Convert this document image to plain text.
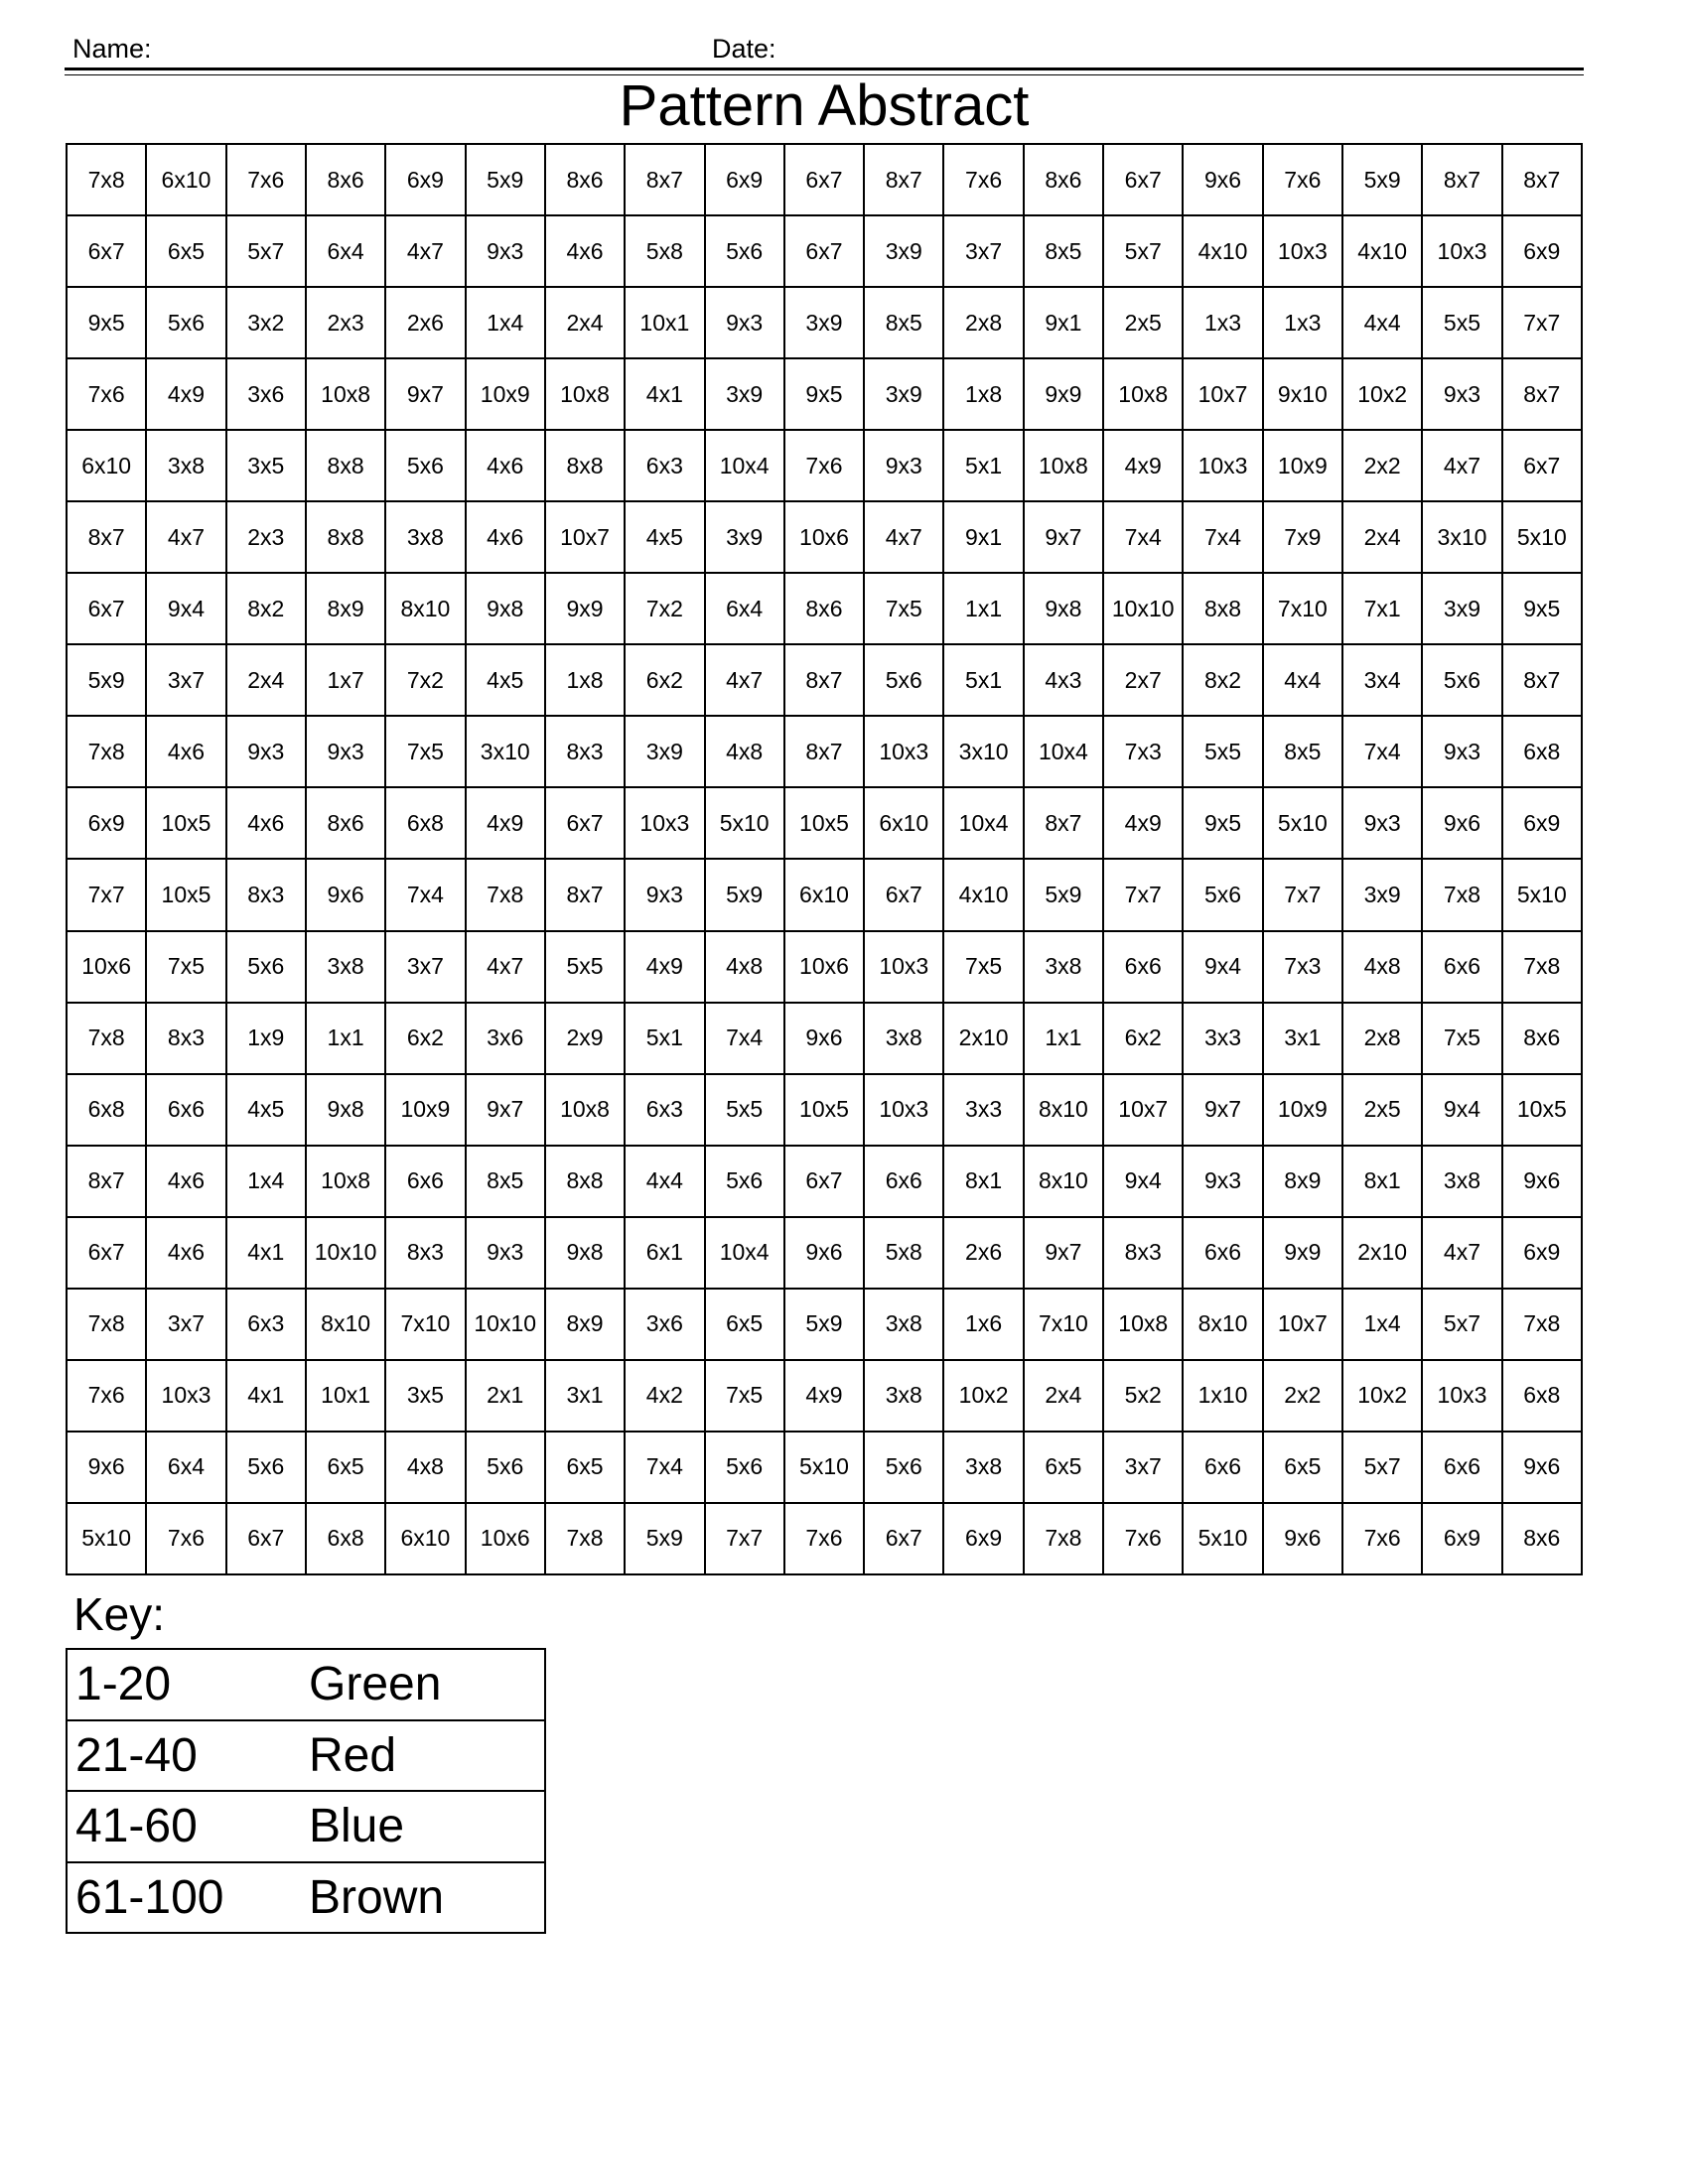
Name:	Date:
Pattern Abstract
7x8	6x10	7x6	8x6	6x9	5x9	8x6	8x7	6x9	6x7	8x7	7x6	8x6	6x7	9x6	7x6	5x9	8x7	8x7
6x7	6x5	5x7	6x4	4x7	9x3	4x6	5x8	5x6	6x7	3x9	3x7	8x5	5x7	4x10	10x3	4x10	10x3	6x9
9x5	5x6	3x2	2x3	2x6	1x4	2x4	10x1	9x3	3x9	8x5	2x8	9x1	2x5	1x3	1x3	4x4	5x5	7x7
7x6	4x9	3x6	10x8	9x7	10x9	10x8	4x1	3x9	9x5	3x9	1x8	9x9	10x8	10x7	9x10	10x2	9x3	8x7
6x10	3x8	3x5	8x8	5x6	4x6	8x8	6x3	10x4	7x6	9x3	5x1	10x8	4x9	10x3	10x9	2x2	4x7	6x7
8x7	4x7	2x3	8x8	3x8	4x6	10x7	4x5	3x9	10x6	4x7	9x1	9x7	7x4	7x4	7x9	2x4	3x10	5x10
6x7	9x4	8x2	8x9	8x10	9x8	9x9	7x2	6x4	8x6	7x5	1x1	9x8	10x10	8x8	7x10	7x1	3x9	9x5
5x9	3x7	2x4	1x7	7x2	4x5	1x8	6x2	4x7	8x7	5x6	5x1	4x3	2x7	8x2	4x4	3x4	5x6	8x7
7x8	4x6	9x3	9x3	7x5	3x10	8x3	3x9	4x8	8x7	10x3	3x10	10x4	7x3	5x5	8x5	7x4	9x3	6x8
6x9	10x5	4x6	8x6	6x8	4x9	6x7	10x3	5x10	10x5	6x10	10x4	8x7	4x9	9x5	5x10	9x3	9x6	6x9
7x7	10x5	8x3	9x6	7x4	7x8	8x7	9x3	5x9	6x10	6x7	4x10	5x9	7x7	5x6	7x7	3x9	7x8	5x10
10x6	7x5	5x6	3x8	3x7	4x7	5x5	4x9	4x8	10x6	10x3	7x5	3x8	6x6	9x4	7x3	4x8	6x6	7x8
7x8	8x3	1x9	1x1	6x2	3x6	2x9	5x1	7x4	9x6	3x8	2x10	1x1	6x2	3x3	3x1	2x8	7x5	8x6
6x8	6x6	4x5	9x8	10x9	9x7	10x8	6x3	5x5	10x5	10x3	3x3	8x10	10x7	9x7	10x9	2x5	9x4	10x5
8x7	4x6	1x4	10x8	6x6	8x5	8x8	4x4	5x6	6x7	6x6	8x1	8x10	9x4	9x3	8x9	8x1	3x8	9x6
6x7	4x6	4x1	10x10	8x3	9x3	9x8	6x1	10x4	9x6	5x8	2x6	9x7	8x3	6x6	9x9	2x10	4x7	6x9
7x8	3x7	6x3	8x10	7x10	10x10	8x9	3x6	6x5	5x9	3x8	1x6	7x10	10x8	8x10	10x7	1x4	5x7	7x8
7x6	10x3	4x1	10x1	3x5	2x1	3x1	4x2	7x5	4x9	3x8	10x2	2x4	5x2	1x10	2x2	10x2	10x3	6x8
9x6	6x4	5x6	6x5	4x8	5x6	6x5	7x4	5x6	5x10	5x6	3x8	6x5	3x7	6x6	6x5	5x7	6x6	9x6
5x10	7x6	6x7	6x8	6x10	10x6	7x8	5x9	7x7	7x6	6x7	6x9	7x8	7x6	5x10	9x6	7x6	6x9	8x6
Key:
1-20	Green
21-40	Red
41-60	Blue
61-100	Brown
